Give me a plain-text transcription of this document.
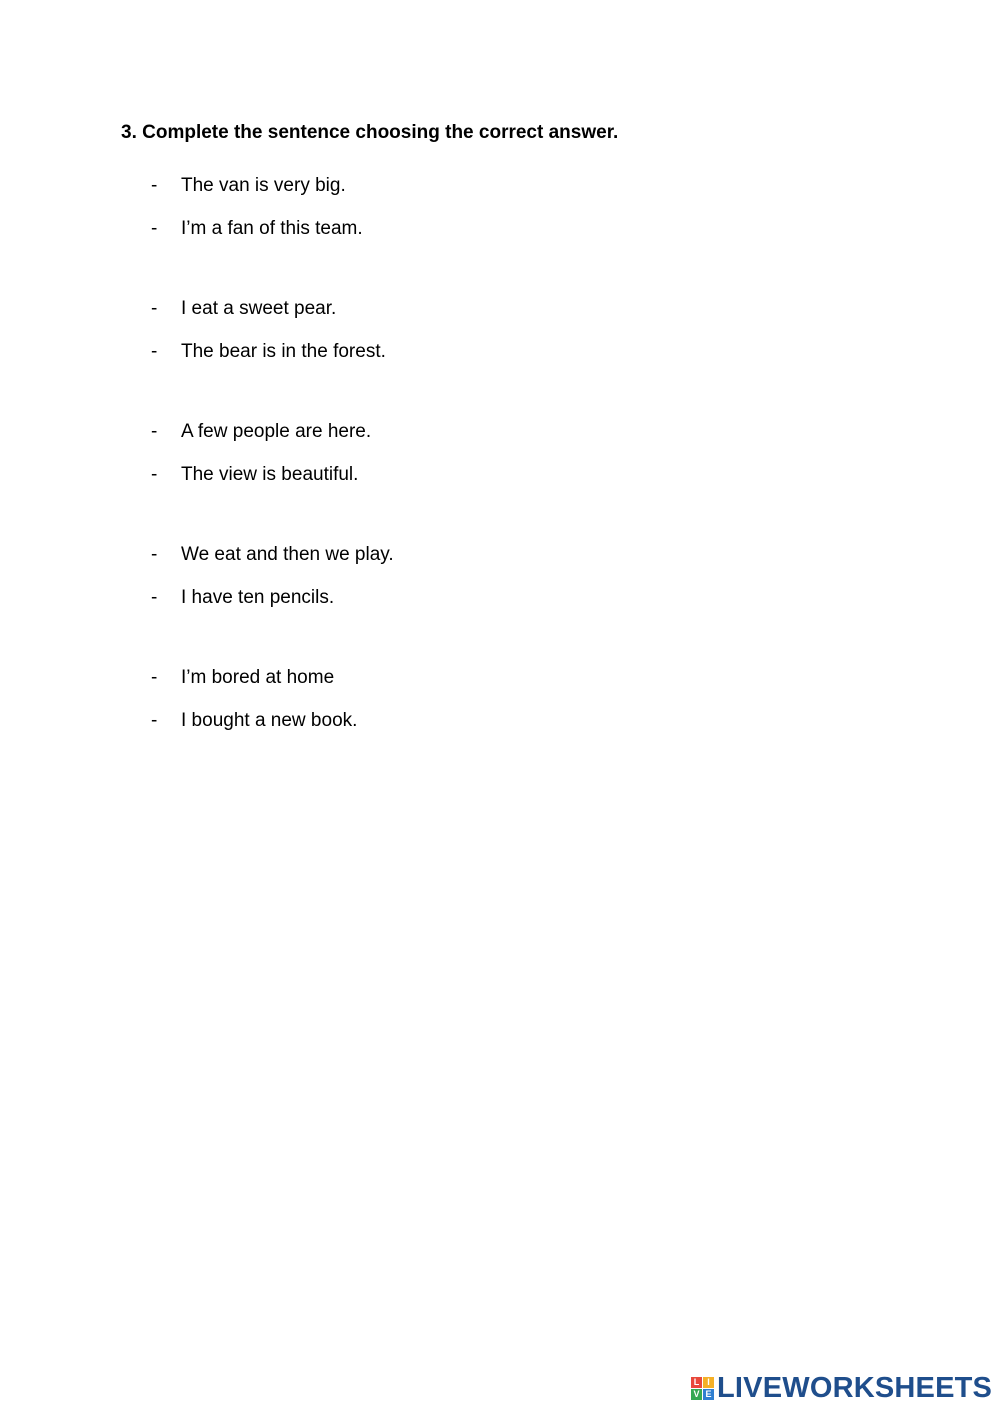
3. Complete the sentence choosing the correct answer.
- The van is very big.
- I’m a fan of this team.
- I eat a sweet pear.
- The bear is in the forest.
- A few people are here.
- The view is beautiful.
- We eat and then we play.
- I have ten pencils.
- I’m bored at home
- I bought a new book.
L I
V E LIVEWORKSHEETS
